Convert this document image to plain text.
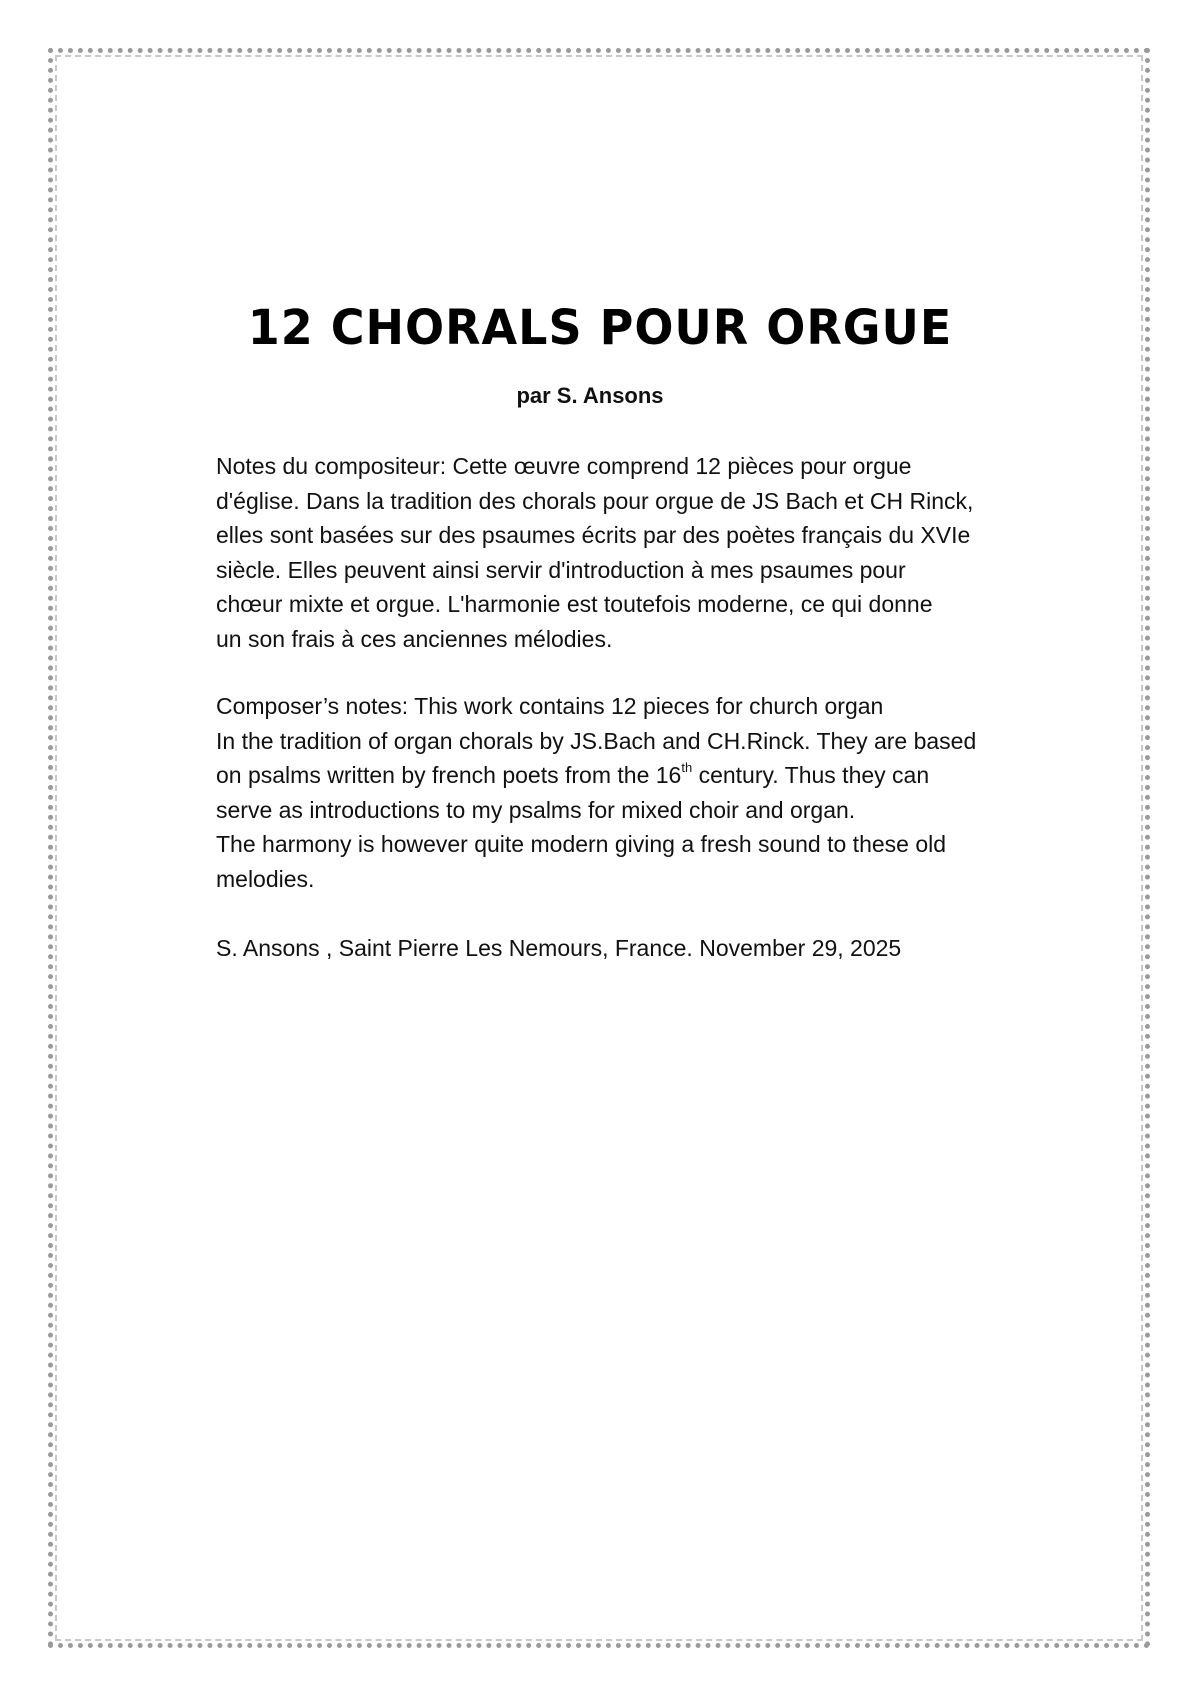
12 CHORALS POUR ORGUE
par S. Ansons
Notes du compositeur: Cette œuvre comprend 12 pièces pour orgue
d'église. Dans la tradition des chorals pour orgue de JS Bach et CH Rinck,
elles sont basées sur des psaumes écrits par des poètes français du XVIe
siècle. Elles peuvent ainsi servir d'introduction à mes psaumes pour
chœur mixte et orgue. L'harmonie est toutefois moderne, ce qui donne
un son frais à ces anciennes mélodies.
Composer’s notes: This work contains 12 pieces for church organ
In the tradition of organ chorals by JS.Bach and CH.Rinck. They are based
on psalms written by french poets from the 16th century. Thus they can
serve as introductions to my psalms for mixed choir and organ.
The harmony is however quite modern giving a fresh sound to these old
melodies.
S. Ansons , Saint Pierre Les Nemours, France. November 29, 2025
